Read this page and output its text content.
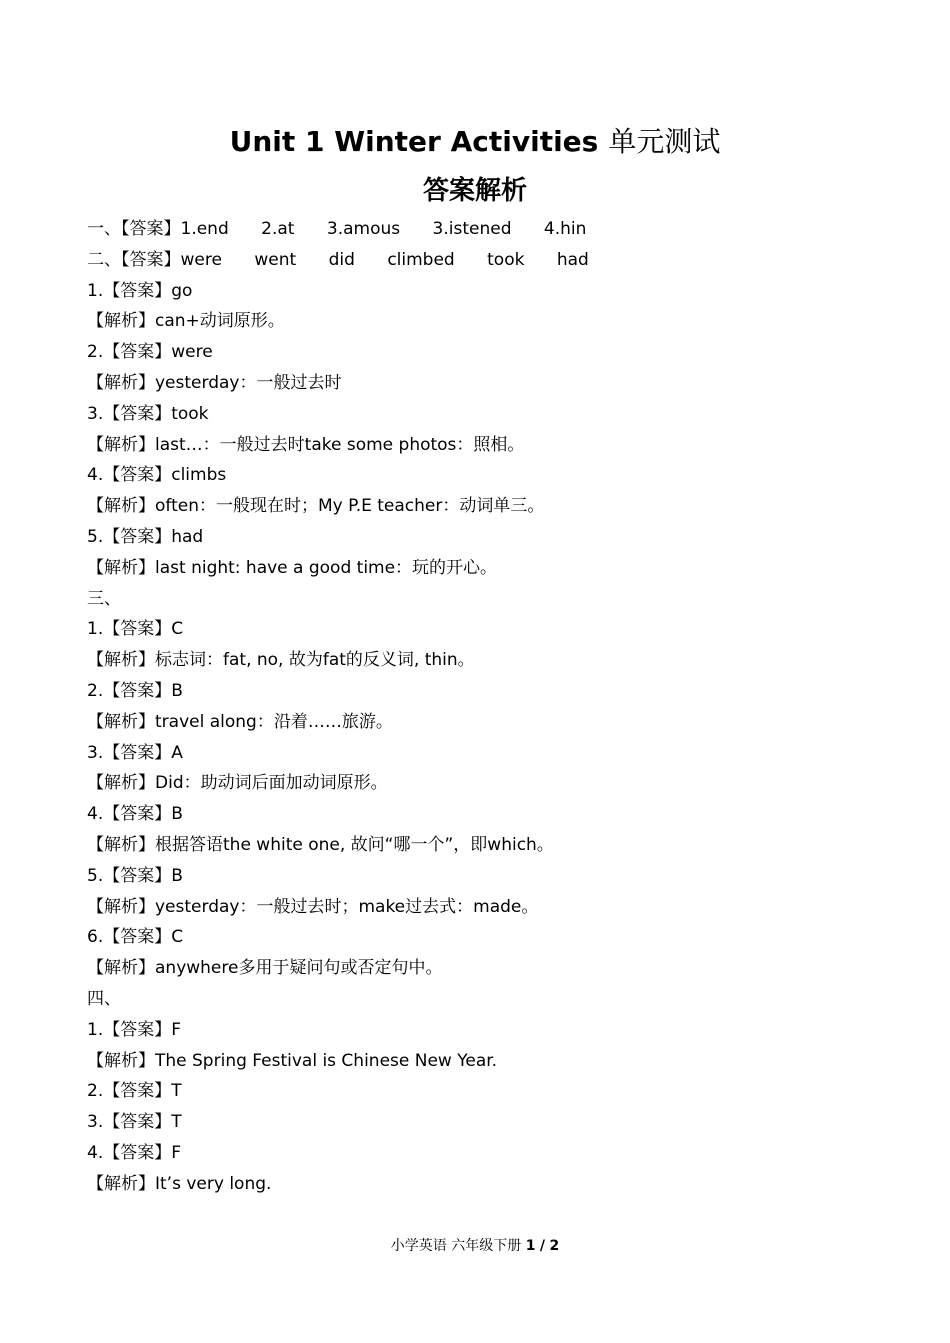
Unit 1 Winter Activities 单元测试
答案解析
一、【答案】1.end      2.at      3.amous      3.istened      4.hin
二、【答案】were      went      did      climbed      took      had
1.【答案】go
【解析】can+动词原形。
2.【答案】were
【解析】yesterday：一般过去时
3.【答案】took
【解析】last…：一般过去时take some photos：照相。
4.【答案】climbs
【解析】often：一般现在时；My P.E teacher：动词单三。
5.【答案】had
【解析】last night: have a good time：玩的开心。
三、
1.【答案】C
【解析】标志词：fat, no, 故为fat的反义词, thin。
2.【答案】B
【解析】travel along：沿着……旅游。
3.【答案】A
【解析】Did：助动词后面加动词原形。
4.【答案】B
【解析】根据答语the white one, 故问“哪一个”，即which。
5.【答案】B
【解析】yesterday：一般过去时；make过去式：made。
6.【答案】C
【解析】anywhere多用于疑问句或否定句中。
四、
1.【答案】F
【解析】The Spring Festival is Chinese New Year.
2.【答案】T
3.【答案】T
4.【答案】F
【解析】It’s very long.
小学英语 六年级下册 1 / 2
